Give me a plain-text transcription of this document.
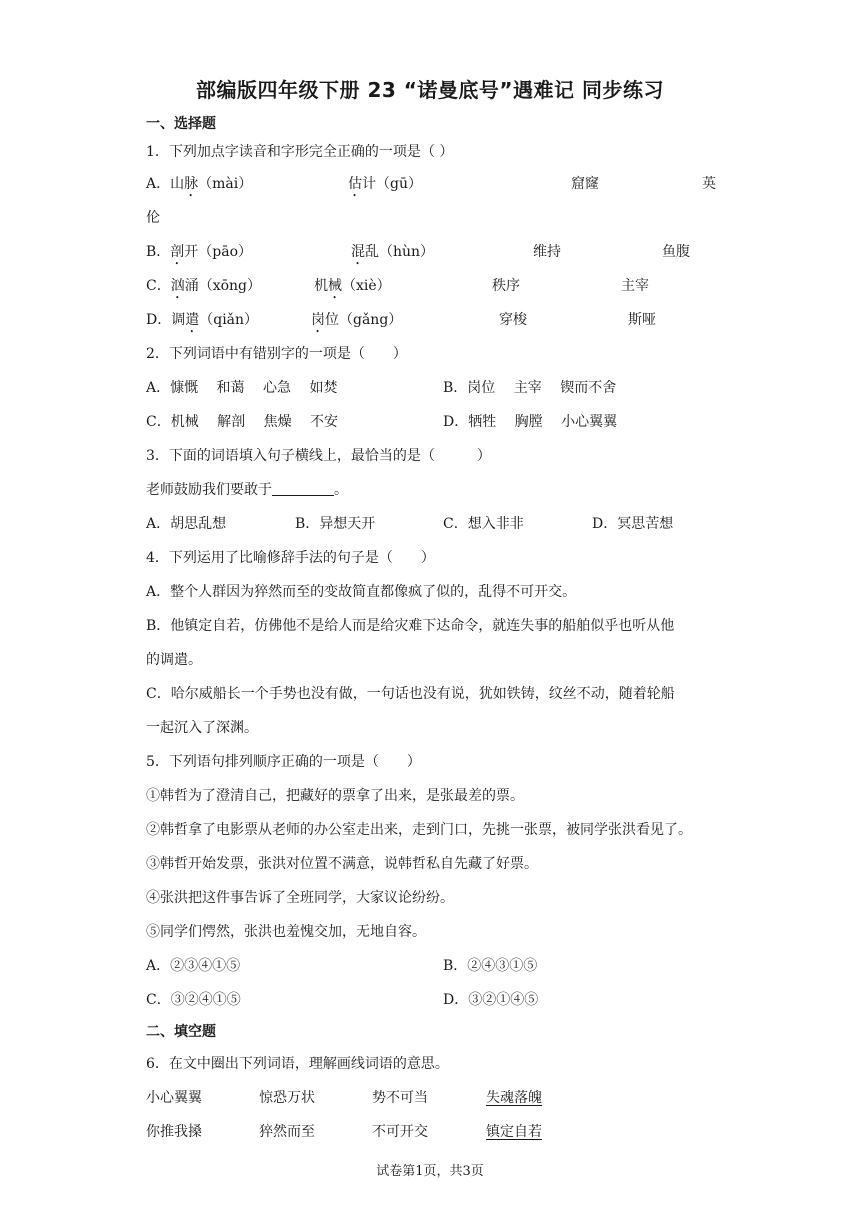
部编版四年级下册 23 “诺曼底号”遇难记 同步练习
一、选择题
1．下列加点字读音和字形完全正确的一项是（ ）
A．山脉（mài）	估计（gū）	窟窿	英
伦
B．剖开（pāo）	混乱（hùn）	维持	鱼腹
C．汹涌（xōng）	机械（xiè）	秩序	主宰
D．调遣（qiǎn）	岗位（gǎng）	穿梭	斯哑
2．下列词语中有错别字的一项是（　　）
A．慷慨　 和蔼　 心急　 如焚	B．岗位　 主宰　 锲而不舍
C．机械　 解剖　 焦燥　 不安	D．牺牲　 胸膛　 小心翼翼
3．下面的词语填入句子横线上，最恰当的是（　　　）
老师鼓励我们要敢于	。
A．胡思乱想	B．异想天开	C．想入非非	D．冥思苦想
4．下列运用了比喻修辞手法的句子是（　　）
A．整个人群因为猝然而至的变故简直都像疯了似的，乱得不可开交。
B．他镇定自若，仿佛他不是给人而是给灾难下达命令，就连失事的船舶似乎也听从他
的调遣。
C．哈尔威船长一个手势也没有做，一句话也没有说，犹如铁铸，纹丝不动，随着轮船
一起沉入了深渊。
5．下列语句排列顺序正确的一项是（　　）
①韩哲为了澄清自己，把藏好的票拿了出来，是张最差的票。
②韩哲拿了电影票从老师的办公室走出来，走到门口，先挑一张票，被同学张洪看见了。
③韩哲开始发票，张洪对位置不满意，说韩哲私自先藏了好票。
④张洪把这件事告诉了全班同学，大家议论纷纷。
⑤同学们愕然，张洪也羞愧交加，无地自容。
A．②③④①⑤	B．②④③①⑤
C．③②④①⑤	D．③②①④⑤
二、填空题
6．在文中圈出下列词语，理解画线词语的意思。
小心翼翼	惊恐万状	势不可当	失魂落魄
你推我搡	猝然而至	不可开交	镇定自若
试卷第1页，共3页
